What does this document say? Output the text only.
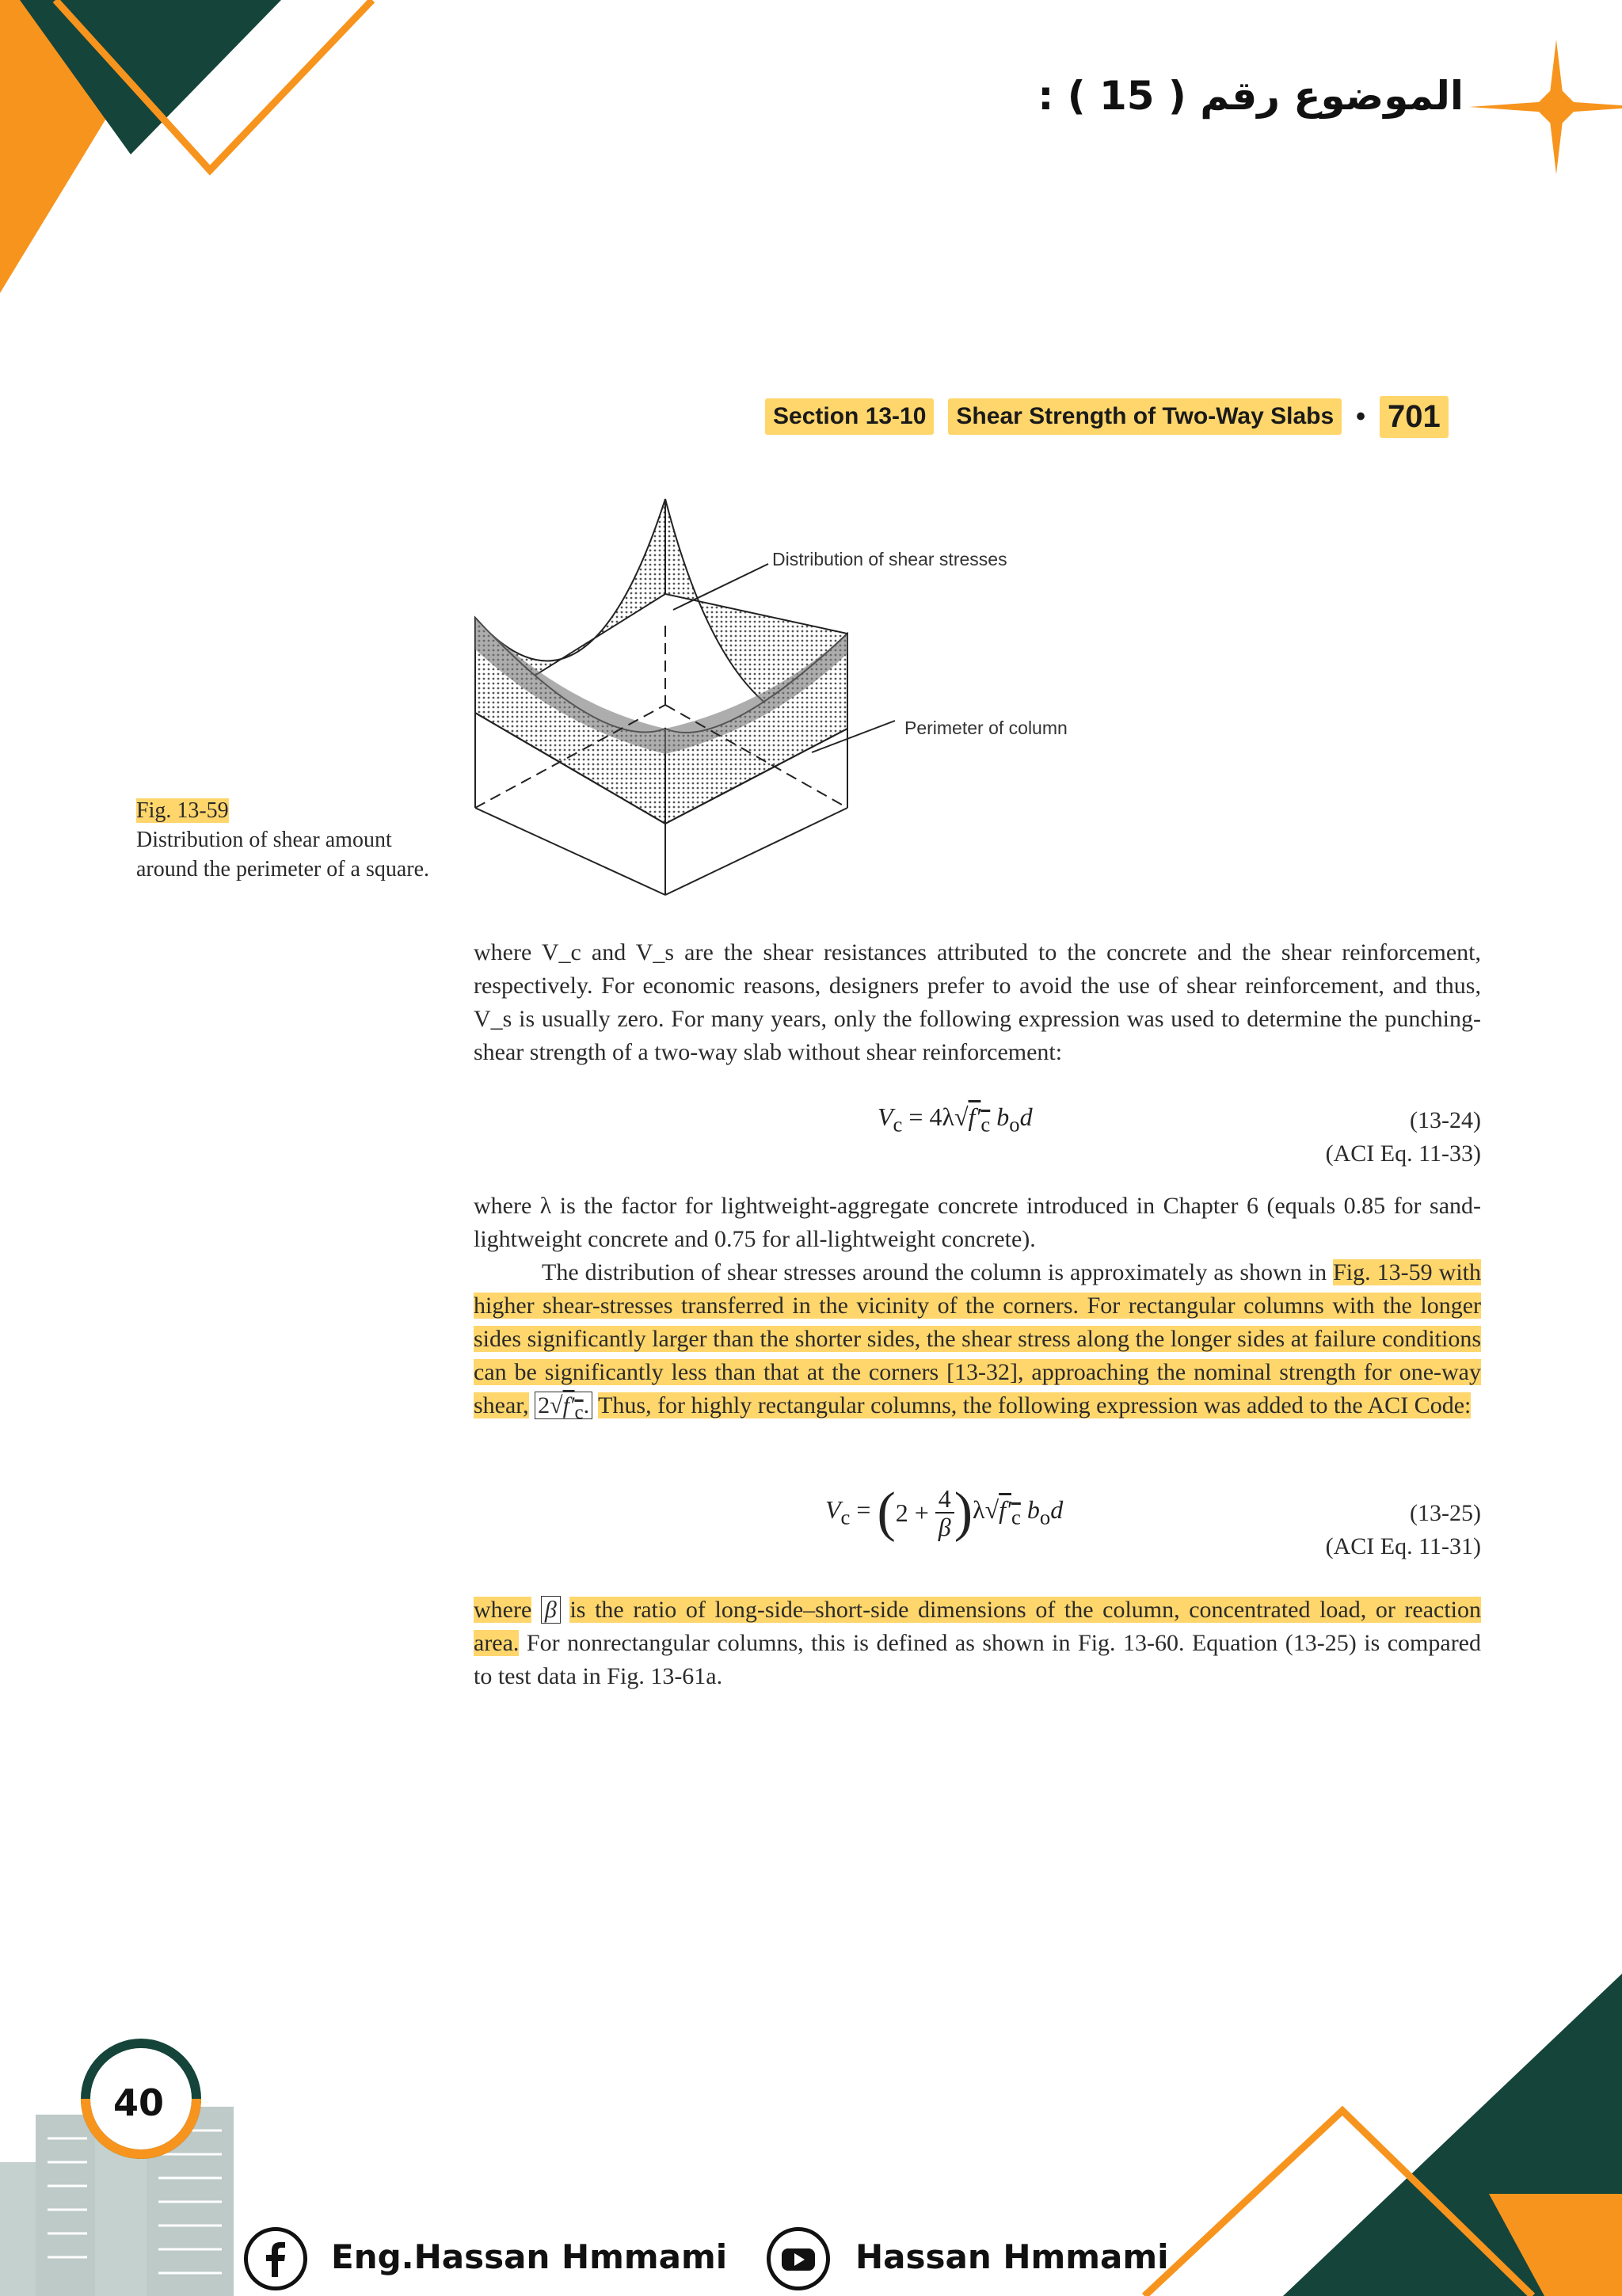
الموضوع رقم ( 15 ) :
Section 13-10	Shear Strength of Two-Way Slabs • 701
Distribution of shear stresses
Perimeter of column
Fig. 13-59
Distribution of shear amount around the perimeter of a square.
where V_c and V_s are the shear resistances attributed to the concrete and the shear reinforcement, respectively. For economic reasons, designers prefer to avoid the use of shear reinforcement, and thus, V_s is usually zero. For many years, only the following expression was used to determine the punching-shear strength of a two-way slab without shear reinforcement:
$V_c = 4\lambda√f'_c$ $b_od$	(13-24)
(ACI Eq. 11-33)
where λ is the factor for lightweight-aggregate concrete introduced in Chapter 6 (equals 0.85 for sand-lightweight concrete and 0.75 for all-lightweight concrete).
The distribution of shear stresses around the column is approximately as shown in Fig. 13-59 with higher shear-stresses transferred in the vicinity of the corners. For rectangular columns with the longer sides significantly larger than the shorter sides, the shear stress along the longer sides at failure conditions can be significantly less than that at the corners [13-32], approaching the nominal strength for one-way shear, $2√f'_c$. Thus, for highly rectangular columns, the following expression was added to the ACI Code:
$V_c$ = ( $2 + \frac{4}{\beta}$ ) $\lambda√f'_c$ $b_od$	(13-25)
(ACI Eq. 11-31)
where β is the ratio of long-side–short-side dimensions of the column, concentrated load, or reaction area. For nonrectangular columns, this is defined as shown in Fig. 13-60. Equation (13-25) is compared to test data in Fig. 13-61a.
40
Eng.Hassan Hmmami	Hassan Hmmami
